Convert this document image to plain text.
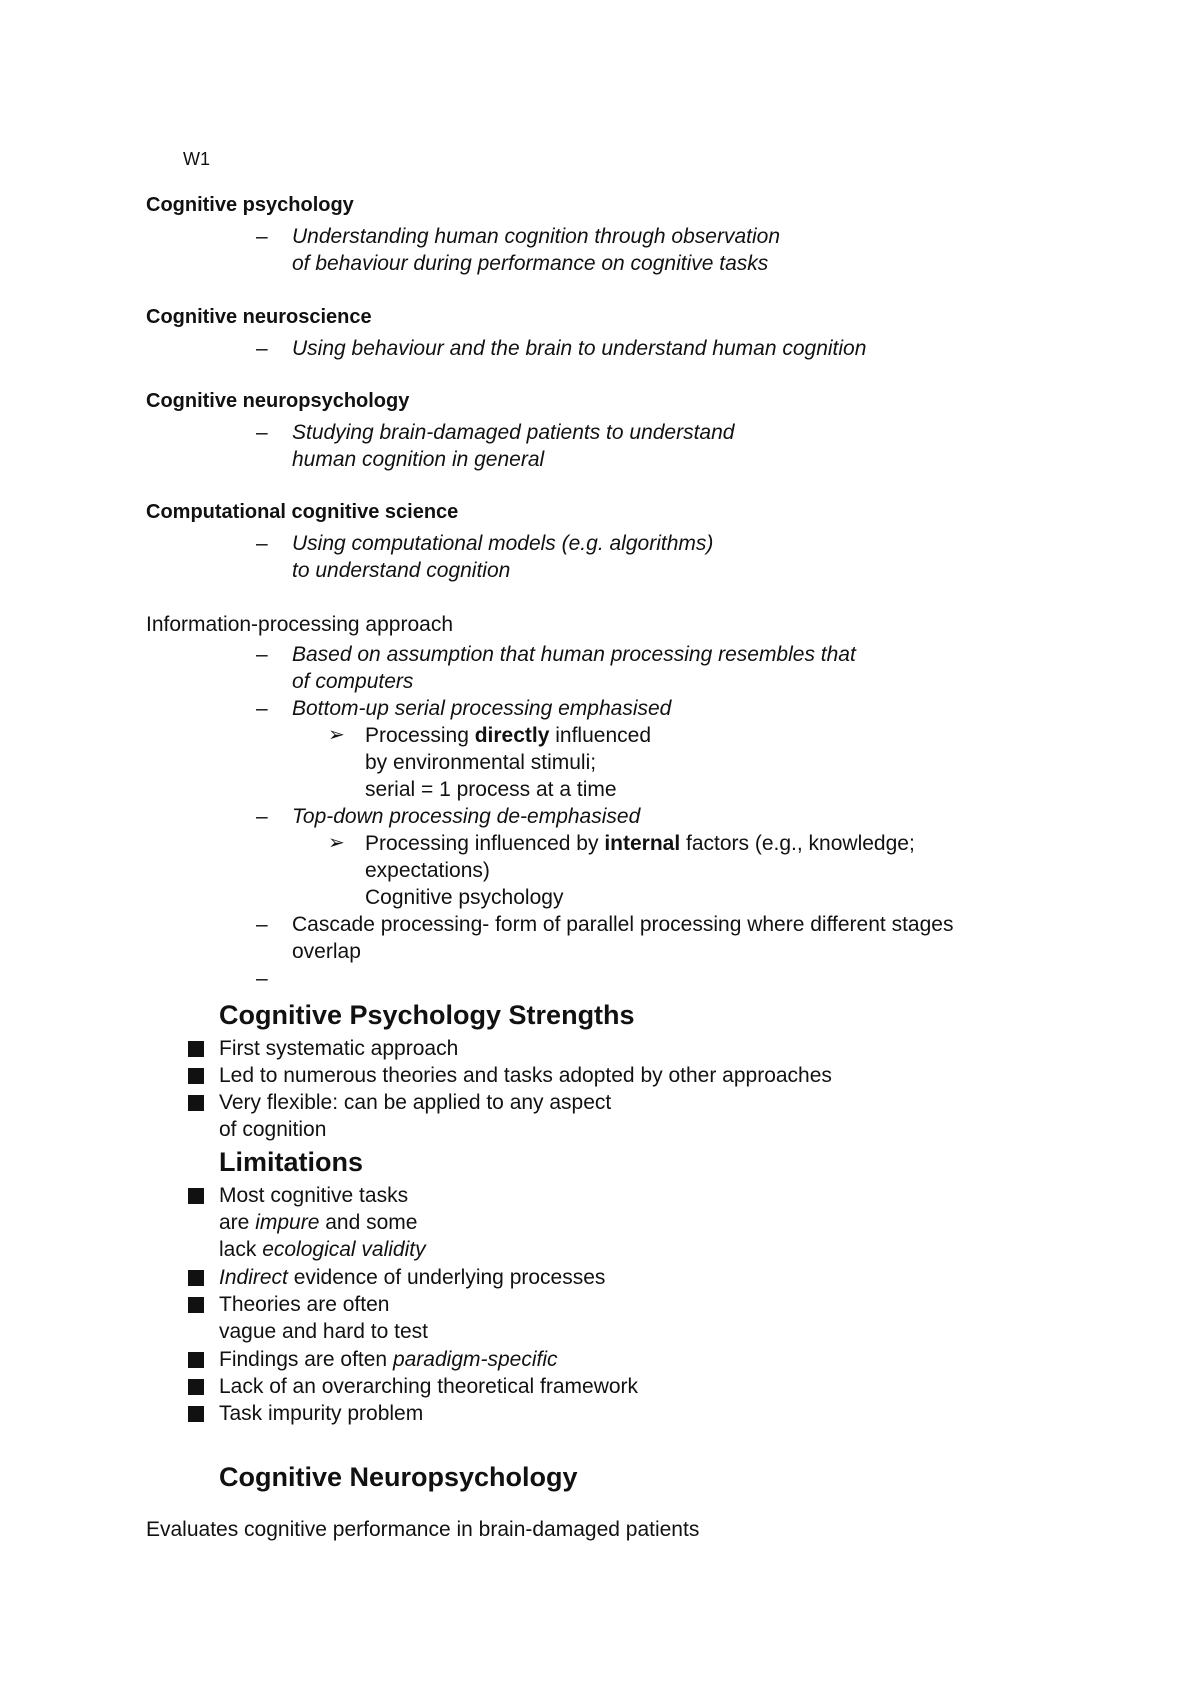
W1
Cognitive psychology
– Understanding human cognition through observation
of behaviour during performance on cognitive tasks
Cognitive neuroscience
– Using behaviour and the brain to understand human cognition
Cognitive neuropsychology
– Studying brain-damaged patients to understand
human cognition in general
Computational cognitive science
– Using computational models (e.g. algorithms)
to understand cognition
Information-processing approach
– Based on assumption that human processing resembles that
of computers
– Bottom-up serial processing emphasised
➢ Processing directly influenced
by environmental stimuli;
serial = 1 process at a time
– Top-down processing de-emphasised
➢ Processing influenced by internal factors (e.g., knowledge;
expectations)
Cognitive psychology
– Cascade processing- form of parallel processing where different stages
overlap
–
Cognitive Psychology Strengths
First systematic approach
Led to numerous theories and tasks adopted by other approaches
Very flexible: can be applied to any aspect
of cognition
Limitations
Most cognitive tasks
are impure and some
lack ecological validity
Indirect evidence of underlying processes
Theories are often
vague and hard to test
Findings are often paradigm-specific
Lack of an overarching theoretical framework
Task impurity problem
Cognitive Neuropsychology
Evaluates cognitive performance in brain-damaged patients
